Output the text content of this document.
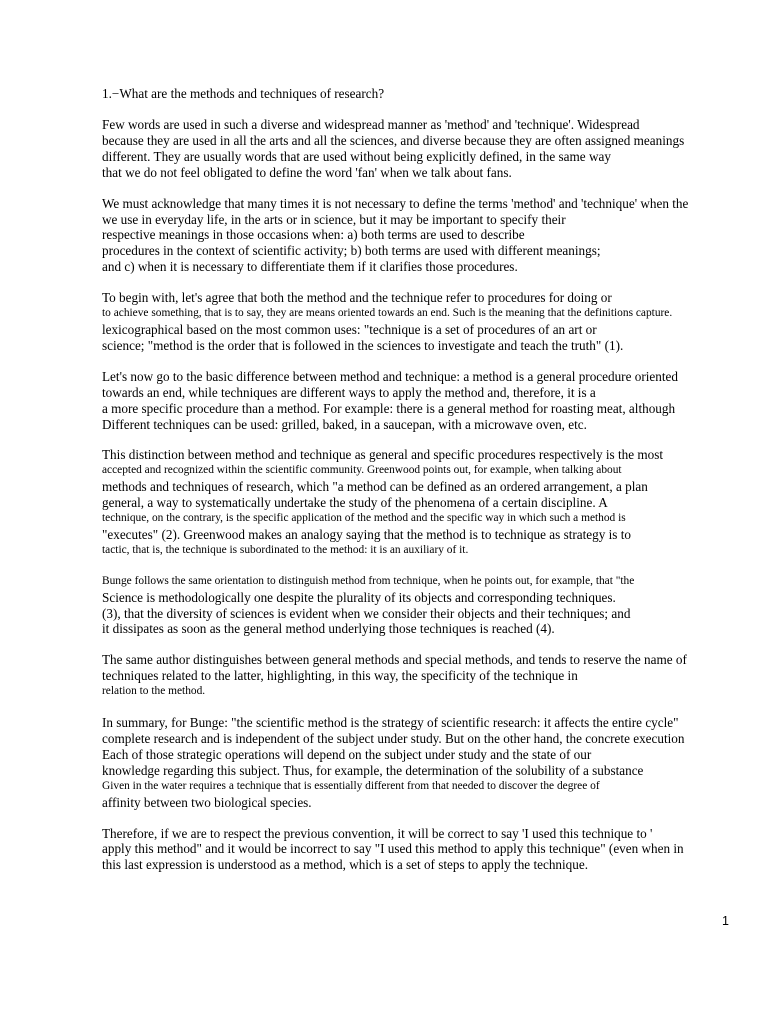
1.−What are the methods and techniques of research?
Few words are used in such a diverse and widespread manner as 'method' and 'technique'. Widespread
because they are used in all the arts and all the sciences, and diverse because they are often assigned meanings
different. They are usually words that are used without being explicitly defined, in the same way
that we do not feel obligated to define the word 'fan' when we talk about fans.
We must acknowledge that many times it is not necessary to define the terms 'method' and 'technique' when the
we use in everyday life, in the arts or in science, but it may be important to specify their
respective meanings in those occasions when: a) both terms are used to describe
procedures in the context of scientific activity; b) both terms are used with different meanings;
and c) when it is necessary to differentiate them if it clarifies those procedures.
To begin with, let's agree that both the method and the technique refer to procedures for doing or
to achieve something, that is to say, they are means oriented towards an end. Such is the meaning that the definitions capture.
lexicographical based on the most common uses: "technique is a set of procedures of an art or
science; "method is the order that is followed in the sciences to investigate and teach the truth" (1).
Let's now go to the basic difference between method and technique: a method is a general procedure oriented
towards an end, while techniques are different ways to apply the method and, therefore, it is a
a more specific procedure than a method. For example: there is a general method for roasting meat, although
Different techniques can be used: grilled, baked, in a saucepan, with a microwave oven, etc.
This distinction between method and technique as general and specific procedures respectively is the most
accepted and recognized within the scientific community. Greenwood points out, for example, when talking about
methods and techniques of research, which "a method can be defined as an ordered arrangement, a plan
general, a way to systematically undertake the study of the phenomena of a certain discipline. A
technique, on the contrary, is the specific application of the method and the specific way in which such a method is
"executes" (2). Greenwood makes an analogy saying that the method is to technique as strategy is to
tactic, that is, the technique is subordinated to the method: it is an auxiliary of it.
Bunge follows the same orientation to distinguish method from technique, when he points out, for example, that "the
Science is methodologically one despite the plurality of its objects and corresponding techniques.
(3), that the diversity of sciences is evident when we consider their objects and their techniques; and
it dissipates as soon as the general method underlying those techniques is reached (4).
The same author distinguishes between general methods and special methods, and tends to reserve the name of
techniques related to the latter, highlighting, in this way, the specificity of the technique in
relation to the method.
In summary, for Bunge: "the scientific method is the strategy of scientific research: it affects the entire cycle"
complete research and is independent of the subject under study. But on the other hand, the concrete execution
Each of those strategic operations will depend on the subject under study and the state of our
knowledge regarding this subject. Thus, for example, the determination of the solubility of a substance
Given in the water requires a technique that is essentially different from that needed to discover the degree of
affinity between two biological species.
Therefore, if we are to respect the previous convention, it will be correct to say 'I used this technique to '
apply this method" and it would be incorrect to say "I used this method to apply this technique" (even when in
this last expression is understood as a method, which is a set of steps to apply the technique.
1
